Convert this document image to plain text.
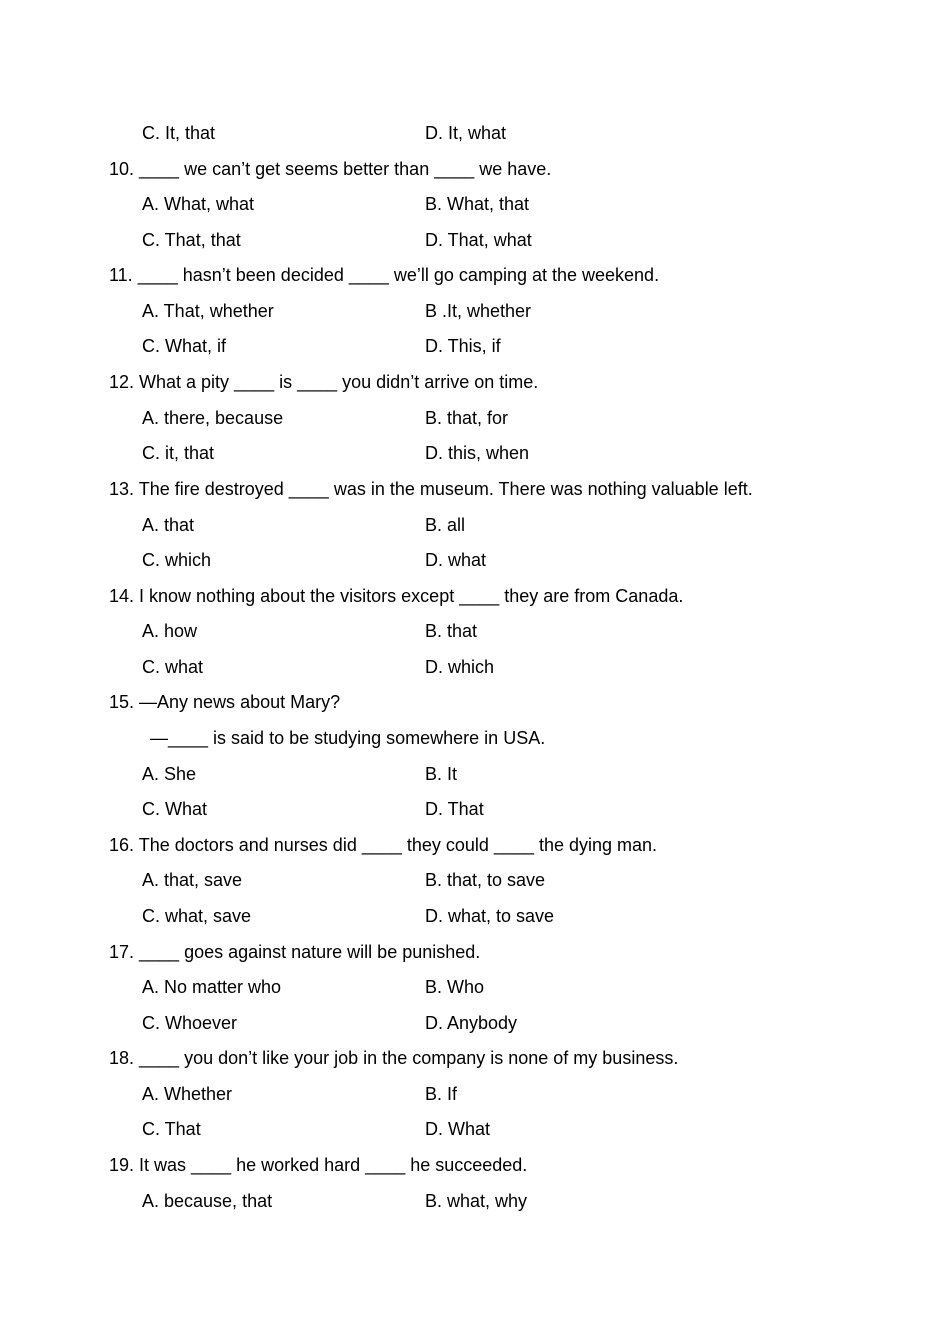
C. It, that	D. It, what
10. ____ we can’t get seems better than ____ we have.
A. What, what	B. What, that
C. That, that	D. That, what
11. ____ hasn’t been decided ____ we’ll go camping at the weekend.
A. That, whether	B .It, whether
C. What, if	D. This, if
12. What a pity ____ is ____ you didn’t arrive on time.
A. there, because	B. that, for
C. it, that	D. this, when
13. The fire destroyed ____ was in the museum. There was nothing valuable left.
A. that	B. all
C. which	D. what
14. I know nothing about the visitors except ____ they are from Canada.
A. how	B. that
C. what	D. which
15. —Any news about Mary?
—____ is said to be studying somewhere in USA.
A. She	B. It
C. What	D. That
16. The doctors and nurses did ____ they could ____ the dying man.
A. that, save	B. that, to save
C. what, save	D. what, to save
17. ____ goes against nature will be punished.
A. No matter who	B. Who
C. Whoever	D. Anybody
18. ____ you don’t like your job in the company is none of my business.
A. Whether	B. If
C. That	D. What
19. It was ____ he worked hard ____ he succeeded.
A. because, that	B. what, why
